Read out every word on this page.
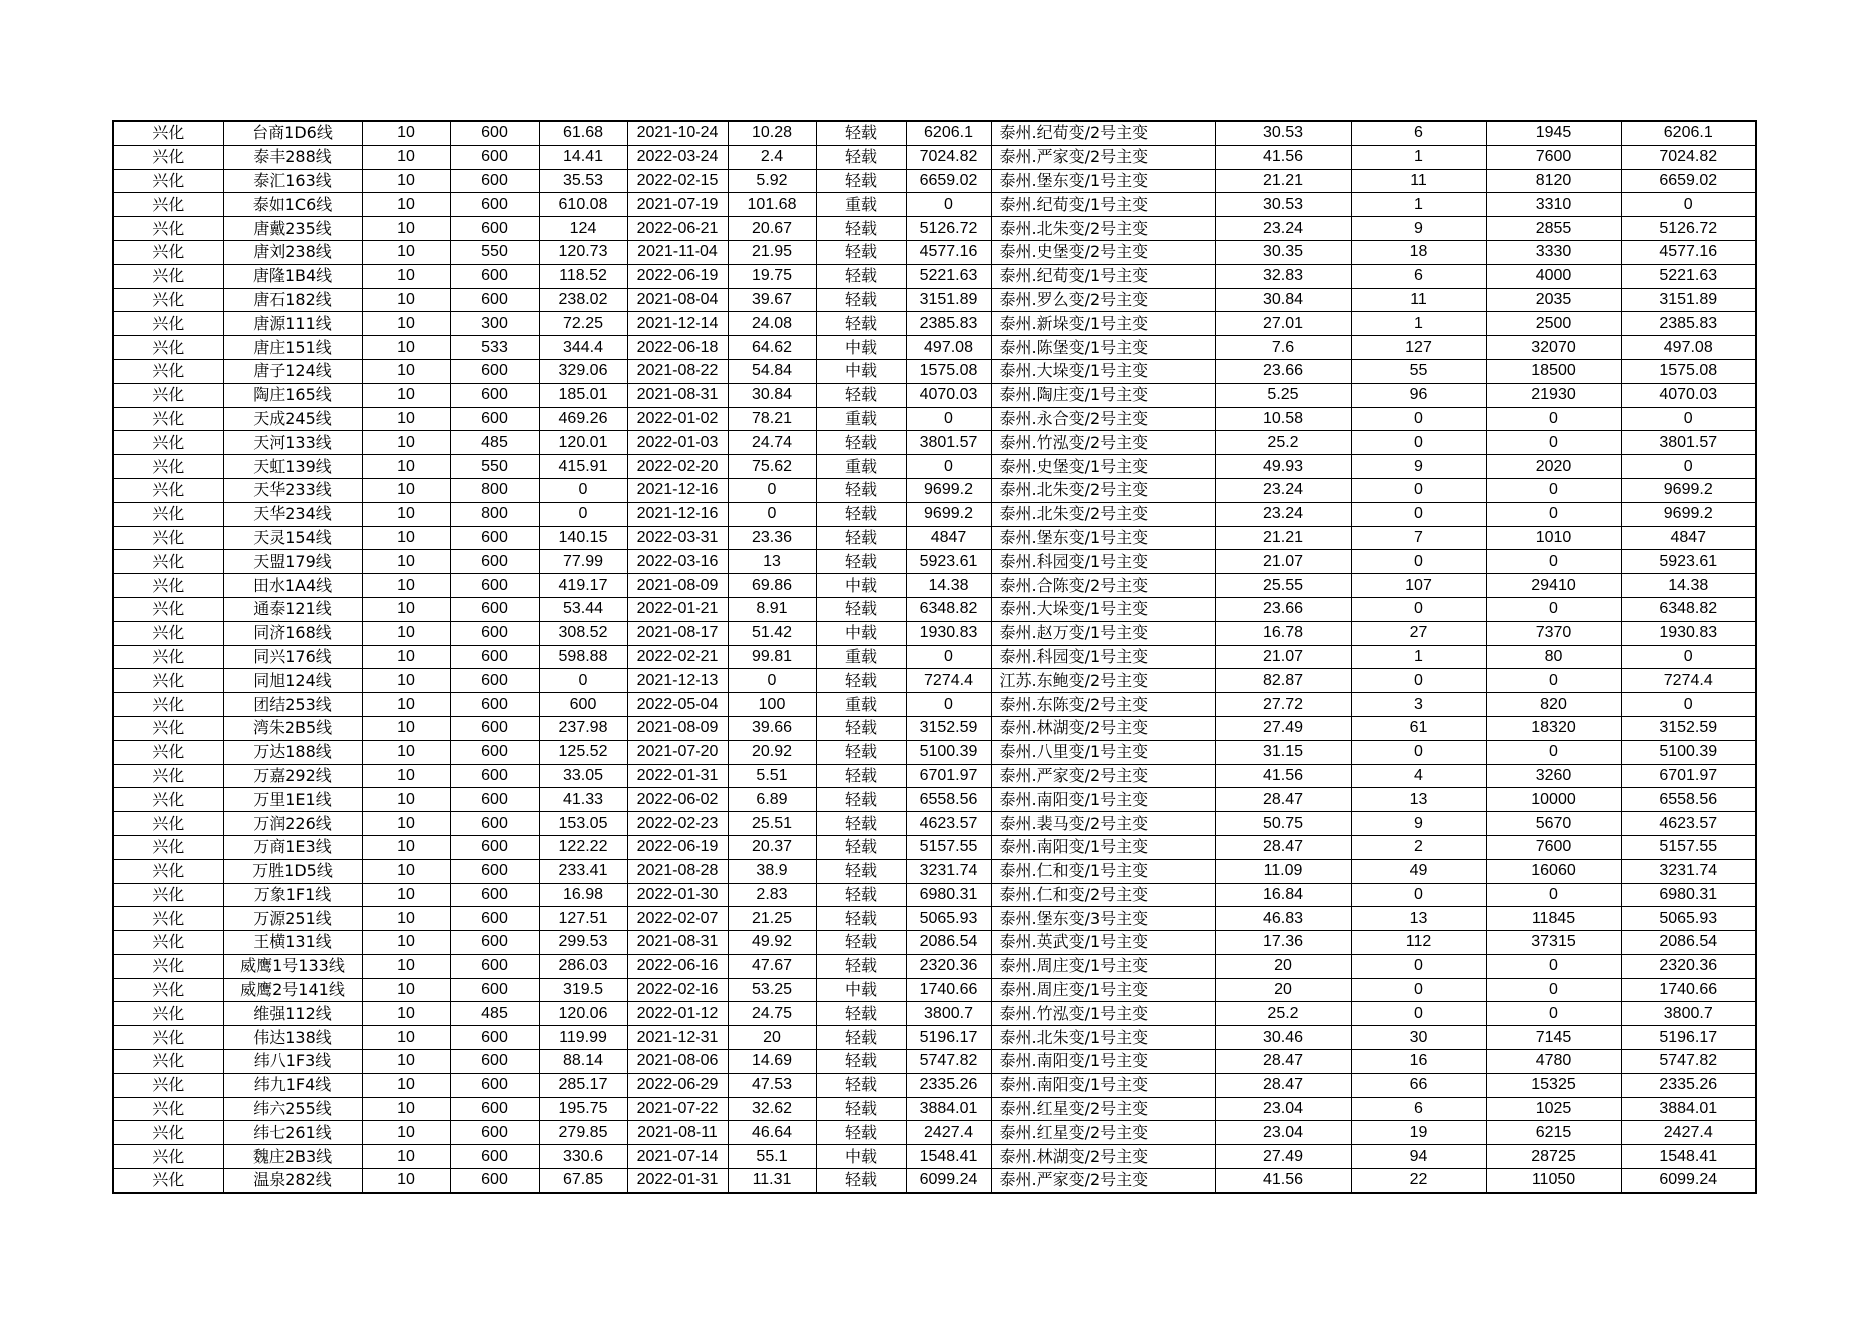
兴化	台商1D6线	10	600	61.68	2021-10-24	10.28	轻载	6206.1	泰州.纪荀变/2号主变	30.53	6	1945	6206.1
兴化	泰丰288线	10	600	14.41	2022-03-24	2.4	轻载	7024.82	泰州.严家变/2号主变	41.56	1	7600	7024.82
兴化	泰汇163线	10	600	35.53	2022-02-15	5.92	轻载	6659.02	泰州.堡东变/1号主变	21.21	11	8120	6659.02
兴化	泰如1C6线	10	600	610.08	2021-07-19	101.68	重载	0	泰州.纪荀变/1号主变	30.53	1	3310	0
兴化	唐戴235线	10	600	124	2022-06-21	20.67	轻载	5126.72	泰州.北朱变/2号主变	23.24	9	2855	5126.72
兴化	唐刘238线	10	550	120.73	2021-11-04	21.95	轻载	4577.16	泰州.史堡变/2号主变	30.35	18	3330	4577.16
兴化	唐隆1B4线	10	600	118.52	2022-06-19	19.75	轻载	5221.63	泰州.纪荀变/1号主变	32.83	6	4000	5221.63
兴化	唐石182线	10	600	238.02	2021-08-04	39.67	轻载	3151.89	泰州.罗么变/2号主变	30.84	11	2035	3151.89
兴化	唐源111线	10	300	72.25	2021-12-14	24.08	轻载	2385.83	泰州.新垛变/1号主变	27.01	1	2500	2385.83
兴化	唐庄151线	10	533	344.4	2022-06-18	64.62	中载	497.08	泰州.陈堡变/1号主变	7.6	127	32070	497.08
兴化	唐子124线	10	600	329.06	2021-08-22	54.84	中载	1575.08	泰州.大垛变/1号主变	23.66	55	18500	1575.08
兴化	陶庄165线	10	600	185.01	2021-08-31	30.84	轻载	4070.03	泰州.陶庄变/1号主变	5.25	96	21930	4070.03
兴化	天成245线	10	600	469.26	2022-01-02	78.21	重载	0	泰州.永合变/2号主变	10.58	0	0	0
兴化	天河133线	10	485	120.01	2022-01-03	24.74	轻载	3801.57	泰州.竹泓变/2号主变	25.2	0	0	3801.57
兴化	天虹139线	10	550	415.91	2022-02-20	75.62	重载	0	泰州.史堡变/1号主变	49.93	9	2020	0
兴化	天华233线	10	800	0	2021-12-16	0	轻载	9699.2	泰州.北朱变/2号主变	23.24	0	0	9699.2
兴化	天华234线	10	800	0	2021-12-16	0	轻载	9699.2	泰州.北朱变/2号主变	23.24	0	0	9699.2
兴化	天灵154线	10	600	140.15	2022-03-31	23.36	轻载	4847	泰州.堡东变/1号主变	21.21	7	1010	4847
兴化	天盟179线	10	600	77.99	2022-03-16	13	轻载	5923.61	泰州.科园变/1号主变	21.07	0	0	5923.61
兴化	田水1A4线	10	600	419.17	2021-08-09	69.86	中载	14.38	泰州.合陈变/2号主变	25.55	107	29410	14.38
兴化	通泰121线	10	600	53.44	2022-01-21	8.91	轻载	6348.82	泰州.大垛变/1号主变	23.66	0	0	6348.82
兴化	同济168线	10	600	308.52	2021-08-17	51.42	中载	1930.83	泰州.赵万变/1号主变	16.78	27	7370	1930.83
兴化	同兴176线	10	600	598.88	2022-02-21	99.81	重载	0	泰州.科园变/1号主变	21.07	1	80	0
兴化	同旭124线	10	600	0	2021-12-13	0	轻载	7274.4	江苏.东鲍变/2号主变	82.87	0	0	7274.4
兴化	团结253线	10	600	600	2022-05-04	100	重载	0	泰州.东陈变/2号主变	27.72	3	820	0
兴化	湾朱2B5线	10	600	237.98	2021-08-09	39.66	轻载	3152.59	泰州.林湖变/2号主变	27.49	61	18320	3152.59
兴化	万达188线	10	600	125.52	2021-07-20	20.92	轻载	5100.39	泰州.八里变/1号主变	31.15	0	0	5100.39
兴化	万嘉292线	10	600	33.05	2022-01-31	5.51	轻载	6701.97	泰州.严家变/2号主变	41.56	4	3260	6701.97
兴化	万里1E1线	10	600	41.33	2022-06-02	6.89	轻载	6558.56	泰州.南阳变/1号主变	28.47	13	10000	6558.56
兴化	万润226线	10	600	153.05	2022-02-23	25.51	轻载	4623.57	泰州.裴马变/2号主变	50.75	9	5670	4623.57
兴化	万商1E3线	10	600	122.22	2022-06-19	20.37	轻载	5157.55	泰州.南阳变/1号主变	28.47	2	7600	5157.55
兴化	万胜1D5线	10	600	233.41	2021-08-28	38.9	轻载	3231.74	泰州.仁和变/1号主变	11.09	49	16060	3231.74
兴化	万象1F1线	10	600	16.98	2022-01-30	2.83	轻载	6980.31	泰州.仁和变/2号主变	16.84	0	0	6980.31
兴化	万源251线	10	600	127.51	2022-02-07	21.25	轻载	5065.93	泰州.堡东变/3号主变	46.83	13	11845	5065.93
兴化	王横131线	10	600	299.53	2021-08-31	49.92	轻载	2086.54	泰州.英武变/1号主变	17.36	112	37315	2086.54
兴化	威鹰1号133线	10	600	286.03	2022-06-16	47.67	轻载	2320.36	泰州.周庄变/1号主变	20	0	0	2320.36
兴化	威鹰2号141线	10	600	319.5	2022-02-16	53.25	中载	1740.66	泰州.周庄变/1号主变	20	0	0	1740.66
兴化	维强112线	10	485	120.06	2022-01-12	24.75	轻载	3800.7	泰州.竹泓变/1号主变	25.2	0	0	3800.7
兴化	伟达138线	10	600	119.99	2021-12-31	20	轻载	5196.17	泰州.北朱变/1号主变	30.46	30	7145	5196.17
兴化	纬八1F3线	10	600	88.14	2021-08-06	14.69	轻载	5747.82	泰州.南阳变/1号主变	28.47	16	4780	5747.82
兴化	纬九1F4线	10	600	285.17	2022-06-29	47.53	轻载	2335.26	泰州.南阳变/1号主变	28.47	66	15325	2335.26
兴化	纬六255线	10	600	195.75	2021-07-22	32.62	轻载	3884.01	泰州.红星变/2号主变	23.04	6	1025	3884.01
兴化	纬七261线	10	600	279.85	2021-08-11	46.64	轻载	2427.4	泰州.红星变/2号主变	23.04	19	6215	2427.4
兴化	魏庄2B3线	10	600	330.6	2021-07-14	55.1	中载	1548.41	泰州.林湖变/2号主变	27.49	94	28725	1548.41
兴化	温泉282线	10	600	67.85	2022-01-31	11.31	轻载	6099.24	泰州.严家变/2号主变	41.56	22	11050	6099.24
